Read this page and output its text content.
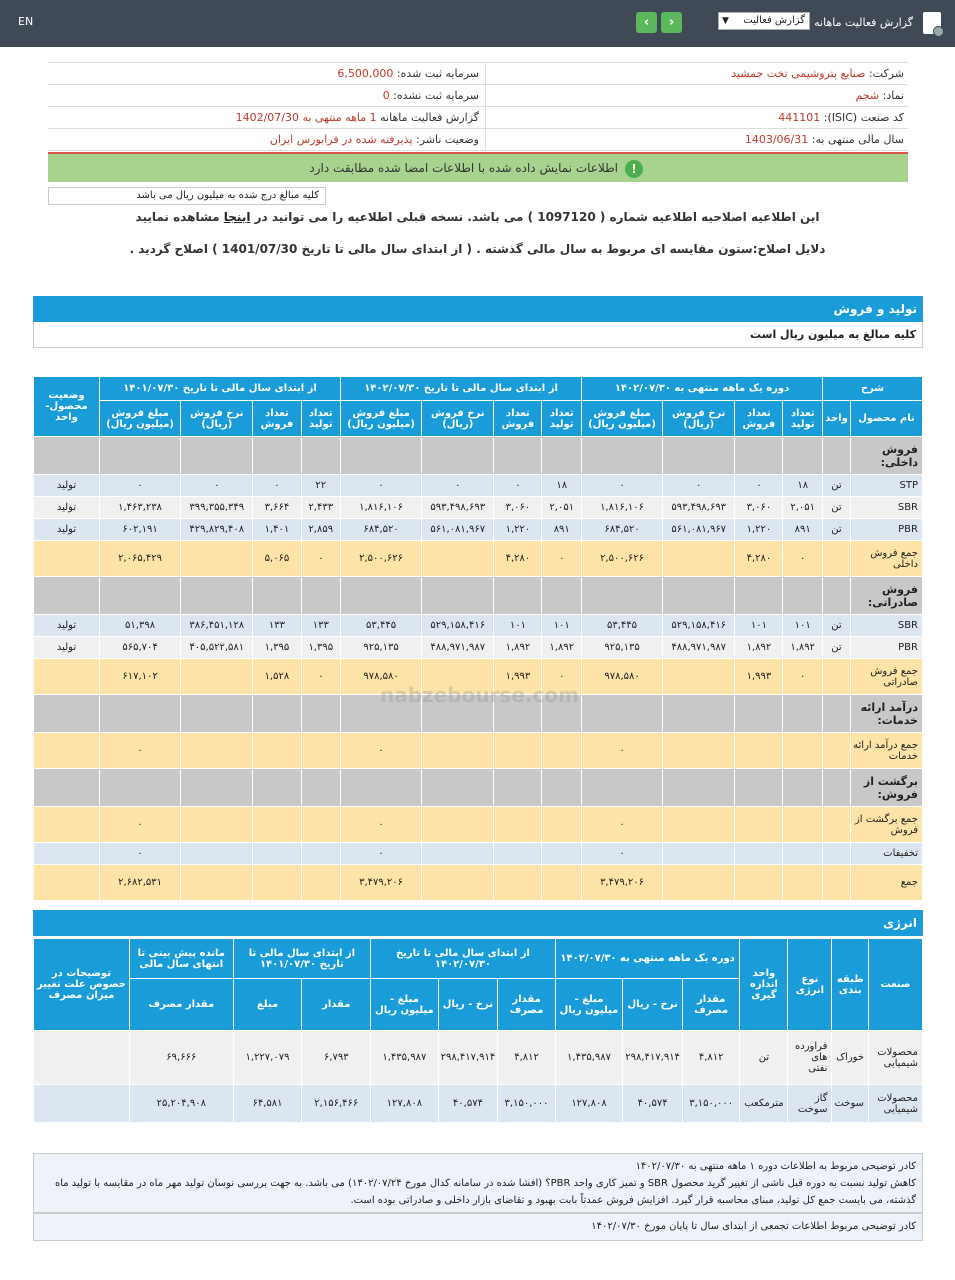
EN	‹	›	▼ گزارش فعالیت گزارش فعالیت ماهانه
شرکت: صنایع پتروشیمی تخت جمشید
سرمایه ثبت شده: 6,500,000
نماد: شجم
سرمایه ثبت نشده: 0
کد صنعت (ISIC): 441101
گزارش فعالیت ماهانه 1 ماهه منتهی به 1402/07/30
سال مالی منتهی به: 1403/06/31
وضعیت ناشر: پذیرفته شده در فرابورس ایران
!
اطلاعات نمایش داده شده با اطلاعات امضا شده مطابقت دارد
کلیه مبالغ درج شده به میلیون ریال می باشد
این اطلاعیه اصلاحیه اطلاعیه شماره ( 1097120 ) می باشد. نسخه قبلی اطلاعیه را می توانید در اینجا مشاهده نمایید
دلایل اصلاح:ستون مقایسه ای مربوط به سال مالی گذشته . ( از ابتدای سال مالی تا تاریخ 1401/07/30 ) اصلاح گردید .
تولید و فروش
کلیه مبالغ به میلیون ریال است
شرح		دوره یک ماهه منتهی به ۱۴۰۲/۰۷/۳۰				از ابتدای سال مالی تا تاریخ ۱۴۰۲/۰۷/۳۰				از ابتدای سال مالی تا تاریخ ۱۴۰۱/۰۷/۳۰				وضعیت محصول-واحد
نام محصول	واحد	تعداد تولید	تعداد فروش	نرخ فروش (ریال)	مبلغ فروش (میلیون ریال)	تعداد تولید	تعداد فروش	نرخ فروش (ریال)	مبلغ فروش (میلیون ریال)	تعداد تولید	تعداد فروش	نرخ فروش (ریال)	مبلغ فروش (میلیون ریال)	
فروش داخلی:														
STP	تن	۱۸	۰	۰	۰	۱۸	۰	۰	۰	۲۲	۰	۰	۰	تولید
SBR	تن	۲,۰۵۱	۳,۰۶۰	۵۹۳,۴۹۸,۶۹۳	۱,۸۱۶,۱۰۶	۲,۰۵۱	۳,۰۶۰	۵۹۳,۴۹۸,۶۹۳	۱,۸۱۶,۱۰۶	۲,۴۳۳	۳,۶۶۴	۳۹۹,۳۵۵,۳۴۹	۱,۴۶۳,۲۳۸	تولید
PBR	تن	۸۹۱	۱,۲۲۰	۵۶۱,۰۸۱,۹۶۷	۶۸۴,۵۲۰	۸۹۱	۱,۲۲۰	۵۶۱,۰۸۱,۹۶۷	۶۸۴,۵۲۰	۲,۸۵۹	۱,۴۰۱	۴۲۹,۸۲۹,۴۰۸	۶۰۲,۱۹۱	تولید
جمع فروش داخلی		۰	۴,۲۸۰		۲,۵۰۰,۶۲۶	۰	۴,۲۸۰		۲,۵۰۰,۶۲۶	۰	۵,۰۶۵		۲,۰۶۵,۴۲۹	
فروش صادراتی:														
SBR	تن	۱۰۱	۱۰۱	۵۲۹,۱۵۸,۴۱۶	۵۳,۴۴۵	۱۰۱	۱۰۱	۵۲۹,۱۵۸,۴۱۶	۵۳,۴۴۵	۱۳۳	۱۳۳	۳۸۶,۴۵۱,۱۲۸	۵۱,۳۹۸	تولید
PBR	تن	۱,۸۹۲	۱,۸۹۲	۴۸۸,۹۷۱,۹۸۷	۹۲۵,۱۳۵	۱,۸۹۲	۱,۸۹۲	۴۸۸,۹۷۱,۹۸۷	۹۲۵,۱۳۵	۱,۳۹۵	۱,۳۹۵	۴۰۵,۵۲۲,۵۸۱	۵۶۵,۷۰۴	تولید
جمع فروش صادراتی		۰	۱,۹۹۳		۹۷۸,۵۸۰	۰	۱,۹۹۳		۹۷۸,۵۸۰	۰	۱,۵۲۸		۶۱۷,۱۰۲	
درآمد ارائه خدمات:														
جمع درآمد ارائه خدمات					۰				۰				۰	
برگشت از فروش:														
جمع برگشت از فروش					۰				۰				۰	
تخفیفات					۰				۰				۰	
جمع					۳,۴۷۹,۲۰۶				۳,۴۷۹,۲۰۶				۲,۶۸۲,۵۳۱	
انرژی
صنعت	طبقه بندی	نوع انرژی	واحد اندازه گیری	دوره یک ماهه منتهی به ۱۴۰۲/۰۷/۳۰			از ابتدای سال مالی تا تاریخ ۱۴۰۲/۰۷/۳۰			از ابتدای سال مالی تا تاریخ ۱۴۰۱/۰۷/۳۰		مانده پیش بینی تا انتهای سال مالی	توضیحات در خصوص علت تغییر میزان مصرف
				مقدار مصرف	نرخ - ریال	مبلغ - میلیون ریال	مقدار مصرف	نرخ - ریال	مبلغ - میلیون ریال	مقدار	مبلغ	مقدار مصرف	
محصولات شیمیایی	خوراک	فراورده های نفتی	تن	۴,۸۱۲	۲۹۸,۴۱۷,۹۱۴	۱,۴۳۵,۹۸۷	۴,۸۱۲	۲۹۸,۴۱۷,۹۱۴	۱,۴۳۵,۹۸۷	۶,۷۹۳	۱,۲۲۷,۰۷۹	۶۹,۶۶۶	
محصولات شیمیایی	سوخت	گاز سوخت	مترمکعب	۳,۱۵۰,۰۰۰	۴۰,۵۷۴	۱۲۷,۸۰۸	۳,۱۵۰,۰۰۰	۴۰,۵۷۴	۱۲۷,۸۰۸	۲,۱۵۶,۴۶۶	۶۴,۵۸۱	۲۵,۲۰۴,۹۰۸	
کادر توضیحی مربوط به اطلاعات دوره ۱ ماهه منتهی به ۱۴۰۲/۰۷/۳۰
کاهش تولید نسبت به دوره قبل ناشی از تغییر گرید محصول SBR و تمیز کاری واحد PBR؟ (افشا شده در سامانه کدال مورخ ۱۴۰۲/۰۷/۲۴) می باشد. به جهت بررسی نوسان تولید مهر ماه در مقایسه با تولید ماه گذشته، می بایست جمع کل تولید، مبنای محاسبه قرار گیرد. افزایش فروش عمدتاً بابت بهبود و تقاضای بازار داخلی و صادراتی بوده است.
کادر توضیحی مربوط اطلاعات تجمعی از ابتدای سال تا پایان مورخ ۱۴۰۲/۰۷/۳۰
nabzebourse.com
